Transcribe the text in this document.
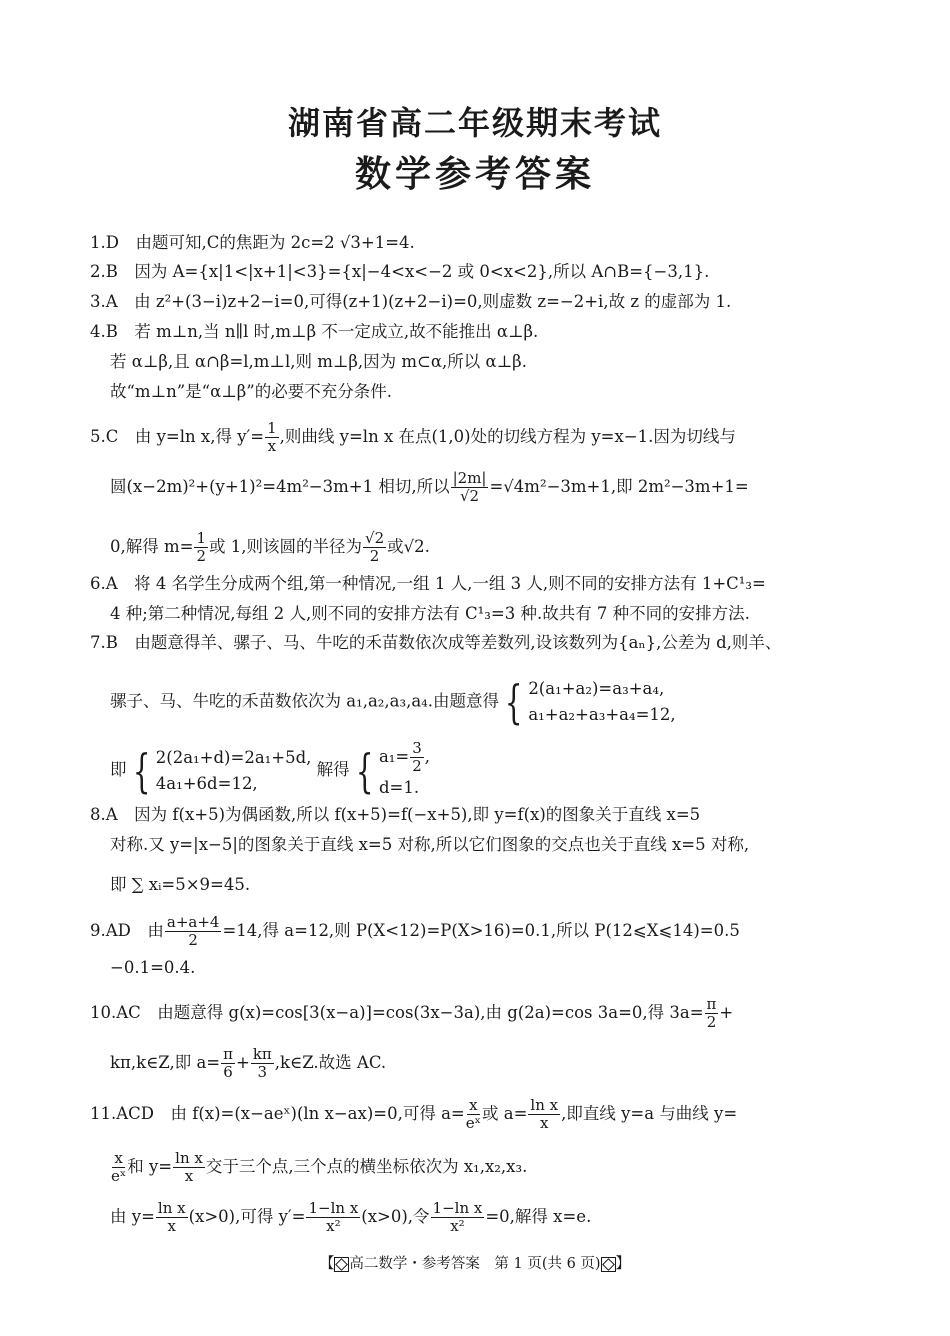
湖南省高二年级期末考试
数学参考答案
1.D　由题可知,C的焦距为 2c=2 √3+1=4.
2.B　因为 A={x|1<|x+1|<3}={x|−4<x<−2 或 0<x<2},所以 A∩B={−3,1}.
3.A　由 z²+(3−i)z+2−i=0,可得(z+1)(z+2−i)=0,则虚数 z=−2+i,故 z 的虚部为 1.
4.B　若 m⊥n,当 n∥l 时,m⊥β 不一定成立,故不能推出 α⊥β.
若 α⊥β,且 α∩β=l,m⊥l,则 m⊥β,因为 m⊂α,所以 α⊥β.
故“m⊥n”是“α⊥β”的必要不充分条件.
5.C　由 y=ln x,得 $y'= \frac{1}{x}$ ,则曲线 y=ln x 在点(1,0)处的切线方程为 y=x−1.因为切线与
圆(x−2m)²+(y+1)²=4m²−3m+1 相切,所以 $\frac{|2m|}{√2} =√4m^2-3m+1$,即 2m²−3m+1=
0,解得 $m= \frac{1}{2}$ 或 1,则该圆的半径为 $\frac{√2}{2}$ 或√2.
6.A　将 4 名学生分成两个组,第一种情况,一组 1 人,一组 3 人,则不同的安排方法有 1+C¹₃=
4 种;第二种情况,每组 2 人,则不同的安排方法有 C¹₃=3 种.故共有 7 种不同的安排方法.
7.B　由题意得羊、骡子、马、牛吃的禾苗数依次成等差数列,设该数列为{aₙ},公差为 d,则羊、
骡子、马、牛吃的禾苗数依次为 a₁,a₂,a₃,a₄.由题意得 { 2(a₁+a₂)=a₃+a₄,
a₁+a₂+a₃+a₄=12,
即 { 2(2a₁+d)=2a₁+5d,
4a₁+6d=12,
解得 { $a_1= \frac{3}{2}$ ,
d=1.
8.A　因为 f(x+5)为偶函数,所以 f(x+5)=f(−x+5),即 y=f(x)的图象关于直线 x=5
对称.又 y=|x−5|的图象关于直线 x=5 对称,所以它们图象的交点也关于直线 x=5 对称,
即 ∑ xᵢ=5×9=45.
9.AD　由 $\frac{a+a+4}{2} =14$,得 a=12,则 P(X<12)=P(X>16)=0.1,所以 P(12⩽X⩽14)=0.5
−0.1=0.4.
10.AC　由题意得 g(x)=cos[3(x−a)]=cos(3x−3a),由 g(2a)=cos 3a=0,得 $3a= \frac{\pi}{2}$ +
kπ,k∈Z,即 $a= \frac{\pi}{6} + \frac{k\pi}{3}$ ,k∈Z.故选 AC.
11.ACD　由 f(x)=(x−aeˣ)(ln x−ax)=0,可得 $a= \frac{x}{\text{eˣ}}$ 或 $a= \frac{\text{ln x}}{x}$ ,即直线 y=a 与曲线 y=
$\frac{x}{\text{eˣ}}$ 和 $y= \frac{\text{ln x}}{x}$ 交于三个点,三个点的横坐标依次为 x₁,x₂,x₃.
由 $y= \frac{\text{ln x}}{x} (x>0)$,可得 $y'= \frac{\text{1−ln x}}{\text{x²}} (x>0)$,令 $\frac{\text{1−ln x}}{\text{x²}} =0$,解得 x=e.
【 高二数学・参考答案　第 1 页(共 6 页) 】
